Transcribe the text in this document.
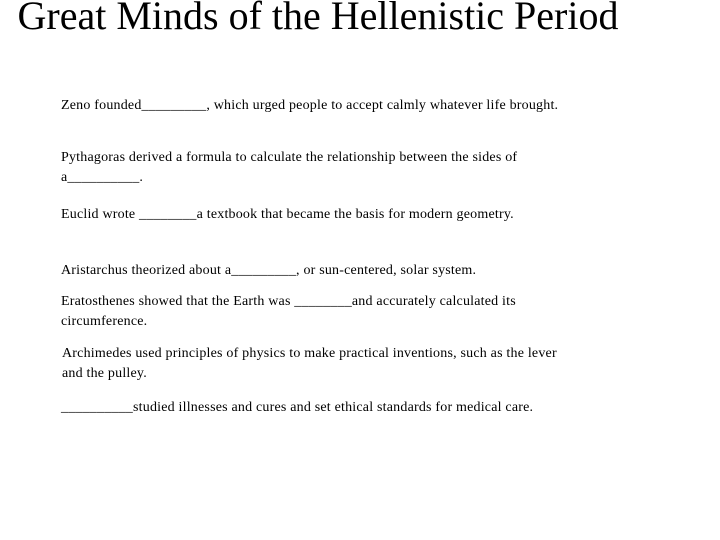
Great Minds of the Hellenistic Period

Zeno founded_________, which urged people to accept calmly whatever life brought.

Pythagoras derived a formula to calculate the relationship between the sides of a__________.

Euclid wrote ________a textbook that became the basis for modern geometry.

Aristarchus theorized about a_________, or sun-centered, solar system.

Eratosthenes showed that the Earth was ________and accurately calculated its circumference.

Archimedes used principles of physics to make practical inventions, such as the lever and the pulley.

__________studied illnesses and cures and set ethical standards for medical care.
